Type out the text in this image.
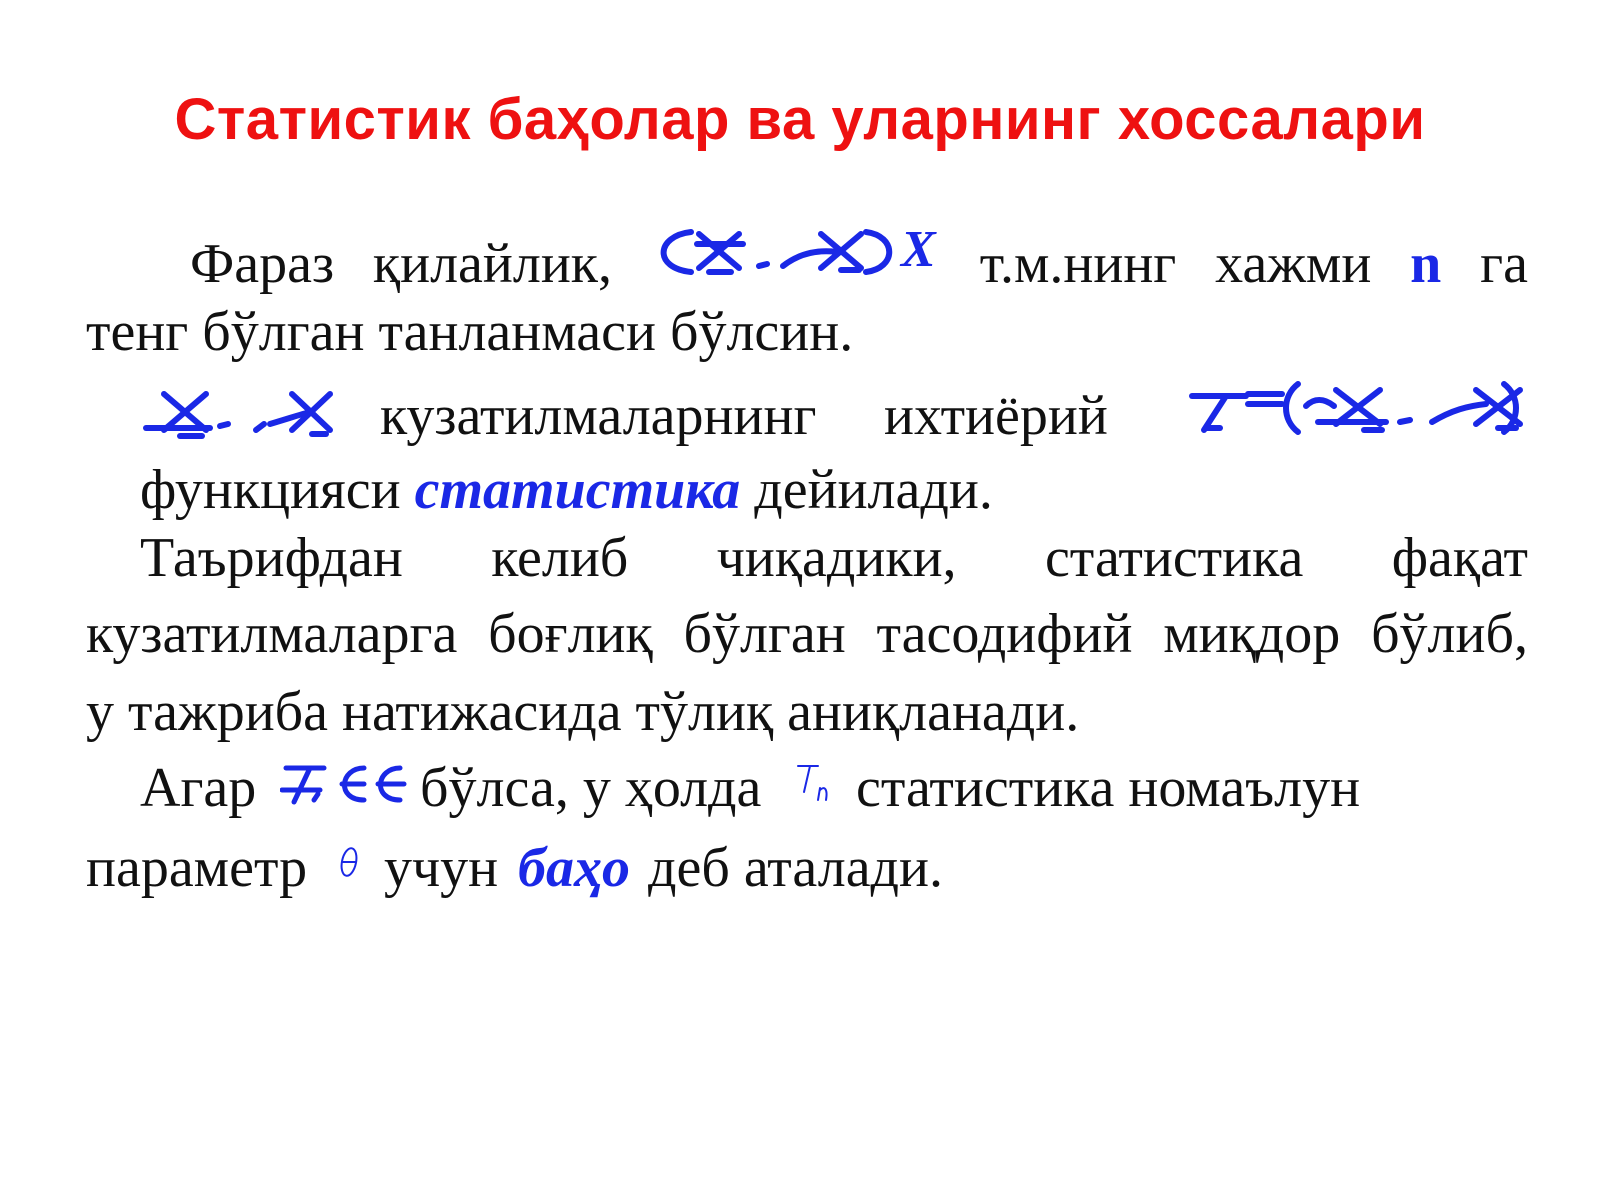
Статистик баҳолар ва уларнинг хоссалари
Фараз қилайлик,	X т.м.нинг хажми n га
тенг бўлган танланмаси бўлсин.
кузатилмаларнинг ихтиёрий
функцияси статистика дейилади.
Таърифдан келиб чиқадики, статистика фақат
кузатилмаларга боғлиқ бўлган тасодифий миқдор бўлиб,
у тажриба натижасида тўлиқ аниқланади.
Агар	бўлса, у ҳолда статистика номаълун
параметр учун баҳо деб аталади.
